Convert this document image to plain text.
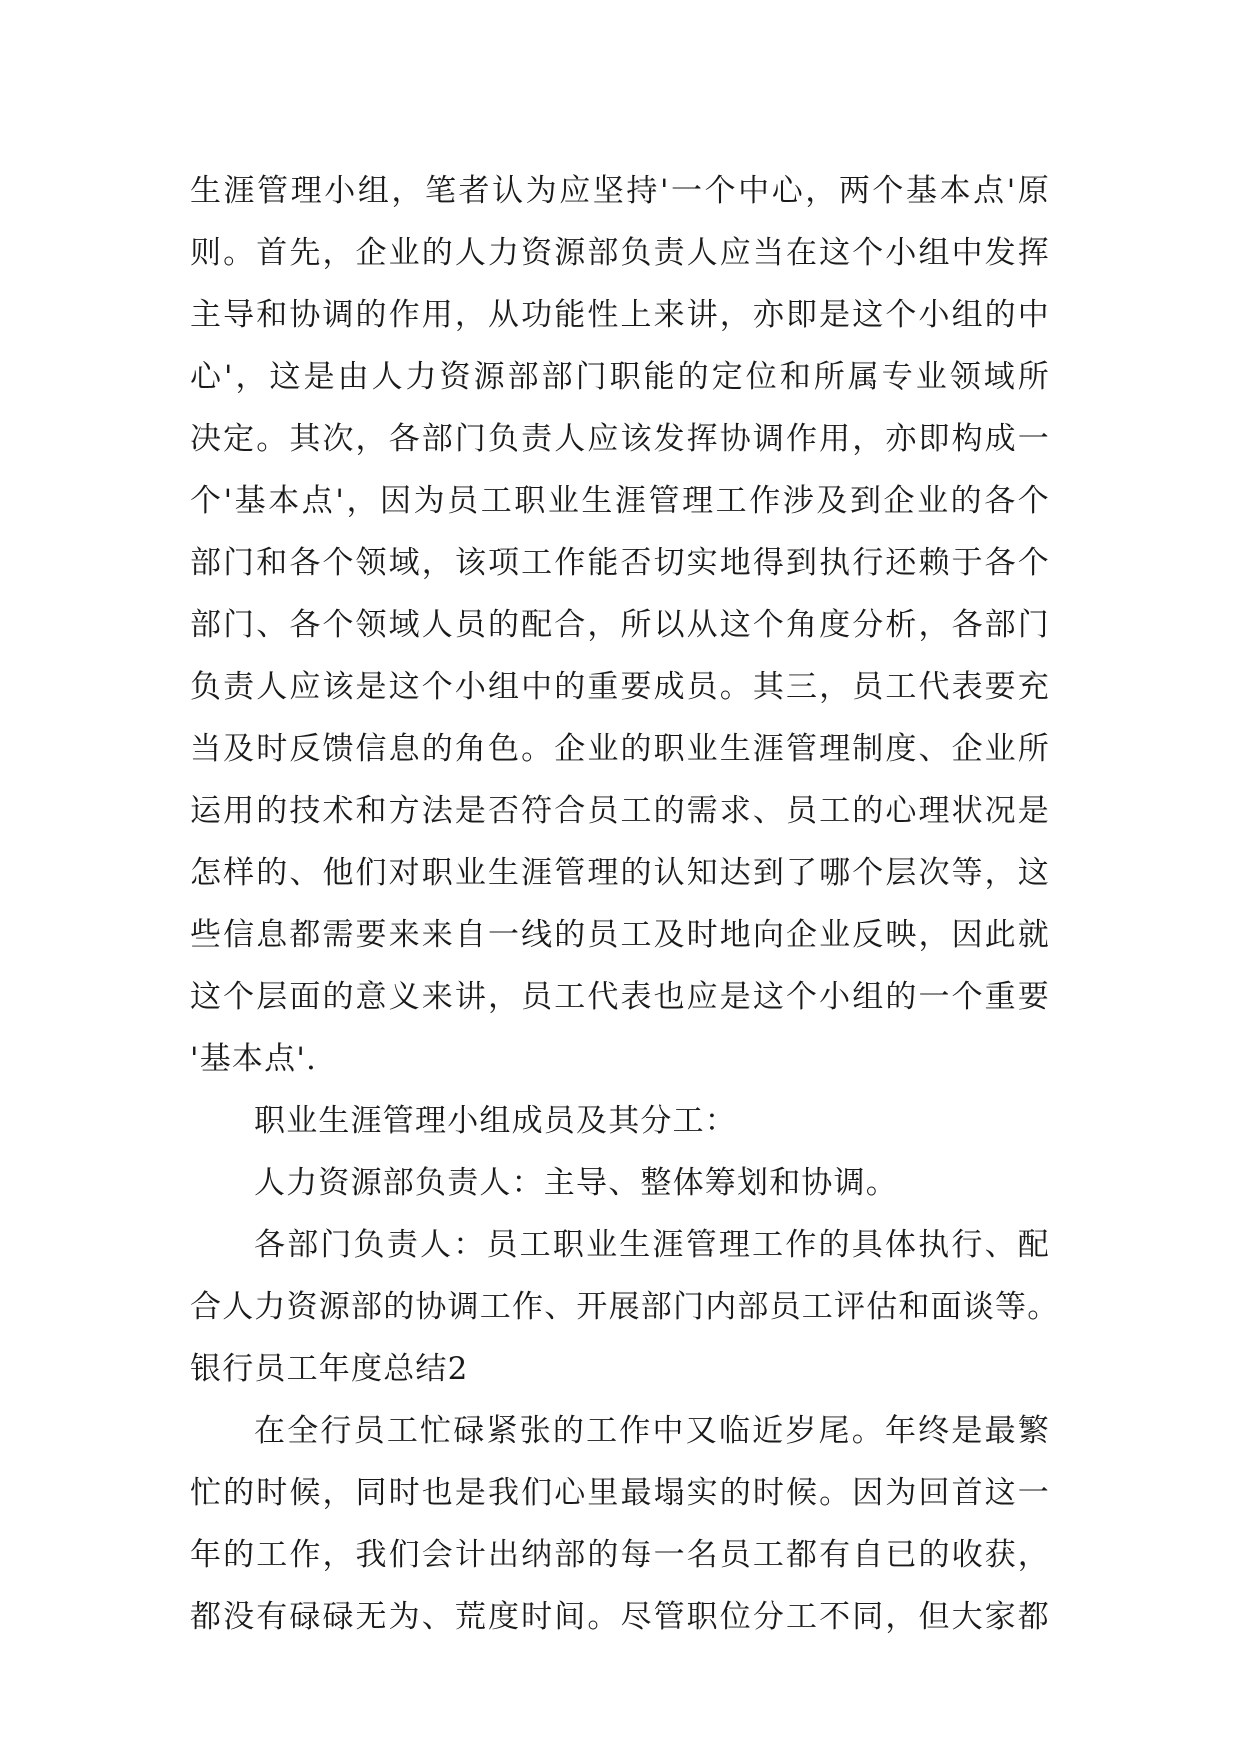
生涯管理小组，笔者认为应坚持'一个中心，两个基本点'原
则。首先，企业的人力资源部负责人应当在这个小组中发挥
主导和协调的作用，从功能性上来讲，亦即是这个小组的中
心'，这是由人力资源部部门职能的定位和所属专业领域所
决定。其次，各部门负责人应该发挥协调作用，亦即构成一
个'基本点'，因为员工职业生涯管理工作涉及到企业的各个
部门和各个领域，该项工作能否切实地得到执行还赖于各个
部门、各个领域人员的配合，所以从这个角度分析，各部门
负责人应该是这个小组中的重要成员。其三，员工代表要充
当及时反馈信息的角色。企业的职业生涯管理制度、企业所
运用的技术和方法是否符合员工的需求、员工的心理状况是
怎样的、他们对职业生涯管理的认知达到了哪个层次等，这
些信息都需要来来自一线的员工及时地向企业反映，因此就
这个层面的意义来讲，员工代表也应是这个小组的一个重要
'基本点'.
职业生涯管理小组成员及其分工：
人力资源部负责人：主导、整体筹划和协调。
各部门负责人：员工职业生涯管理工作的具体执行、配
合人力资源部的协调工作、开展部门内部员工评估和面谈等。
银行员工年度总结2
在全行员工忙碌紧张的工作中又临近岁尾。年终是最繁
忙的时候，同时也是我们心里最塌实的时候。因为回首这一
年的工作，我们会计出纳部的每一名员工都有自已的收获，
都没有碌碌无为、荒度时间。尽管职位分工不同，但大家都
